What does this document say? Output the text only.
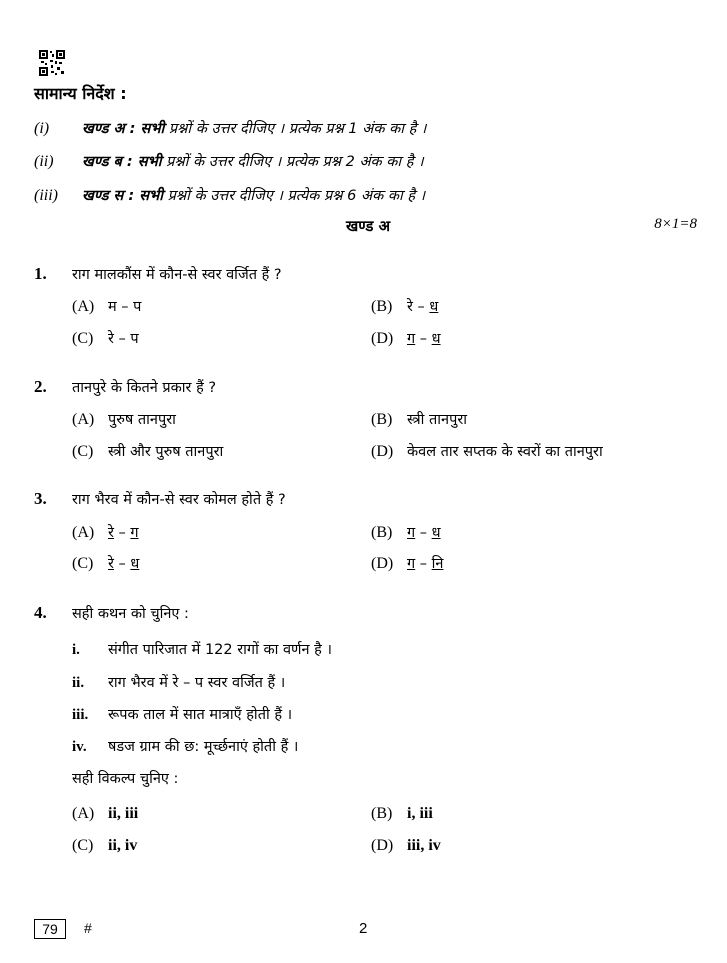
सामान्य निर्देश :
(i) खण्ड अ : सभी प्रश्नों के उत्तर दीजिए । प्रत्येक प्रश्न 1 अंक का है ।
(ii) खण्ड ब : सभी प्रश्नों के उत्तर दीजिए । प्रत्येक प्रश्न 2 अंक का है ।
(iii) खण्ड स : सभी प्रश्नों के उत्तर दीजिए । प्रत्येक प्रश्न 6 अंक का है ।
खण्ड अ	8×1=8
1. राग मालकौंस में कौन-से स्वर वर्जित हैं ?
(A) म – प	(B) रे – ध
(C) रे – प	(D) ग – ध
2. तानपुरे के कितने प्रकार हैं ?
(A) पुरुष तानपुरा	(B) स्त्री तानपुरा
(C) स्त्री और पुरुष तानपुरा	(D) केवल तार सप्तक के स्वरों का तानपुरा
3. राग भैरव में कौन-से स्वर कोमल होते हैं ?
(A) रे – ग	(B) ग – ध
(C) रे – ध	(D) ग – नि
4. सही कथन को चुनिए :
i. संगीत पारिजात में 122 रागों का वर्णन है ।
ii. राग भैरव में रे – प स्वर वर्जित हैं ।
iii. रूपक ताल में सात मात्राएँ होती हैं ।
iv. षडज ग्राम की छ: मूर्च्छनाएं होती हैं ।
सही विकल्प चुनिए :
(A) ii, iii	(B) i, iii
(C) ii, iv	(D) iii, iv
79	#	2
